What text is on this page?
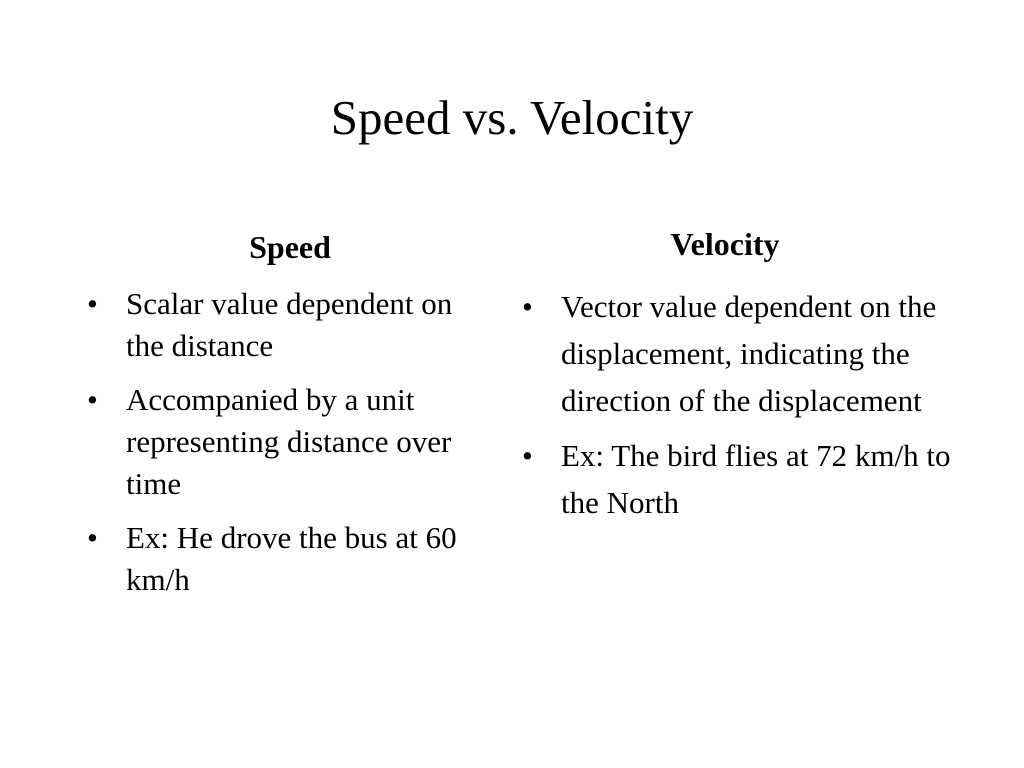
Speed vs. Velocity
Speed
• Scalar value dependent on the distance
• Accompanied by a unit representing distance over time
• Ex: He drove the bus at 60 km/h
Velocity
• Vector value dependent on the displacement, indicating the direction of the displacement
• Ex: The bird flies at 72 km/h to the North
